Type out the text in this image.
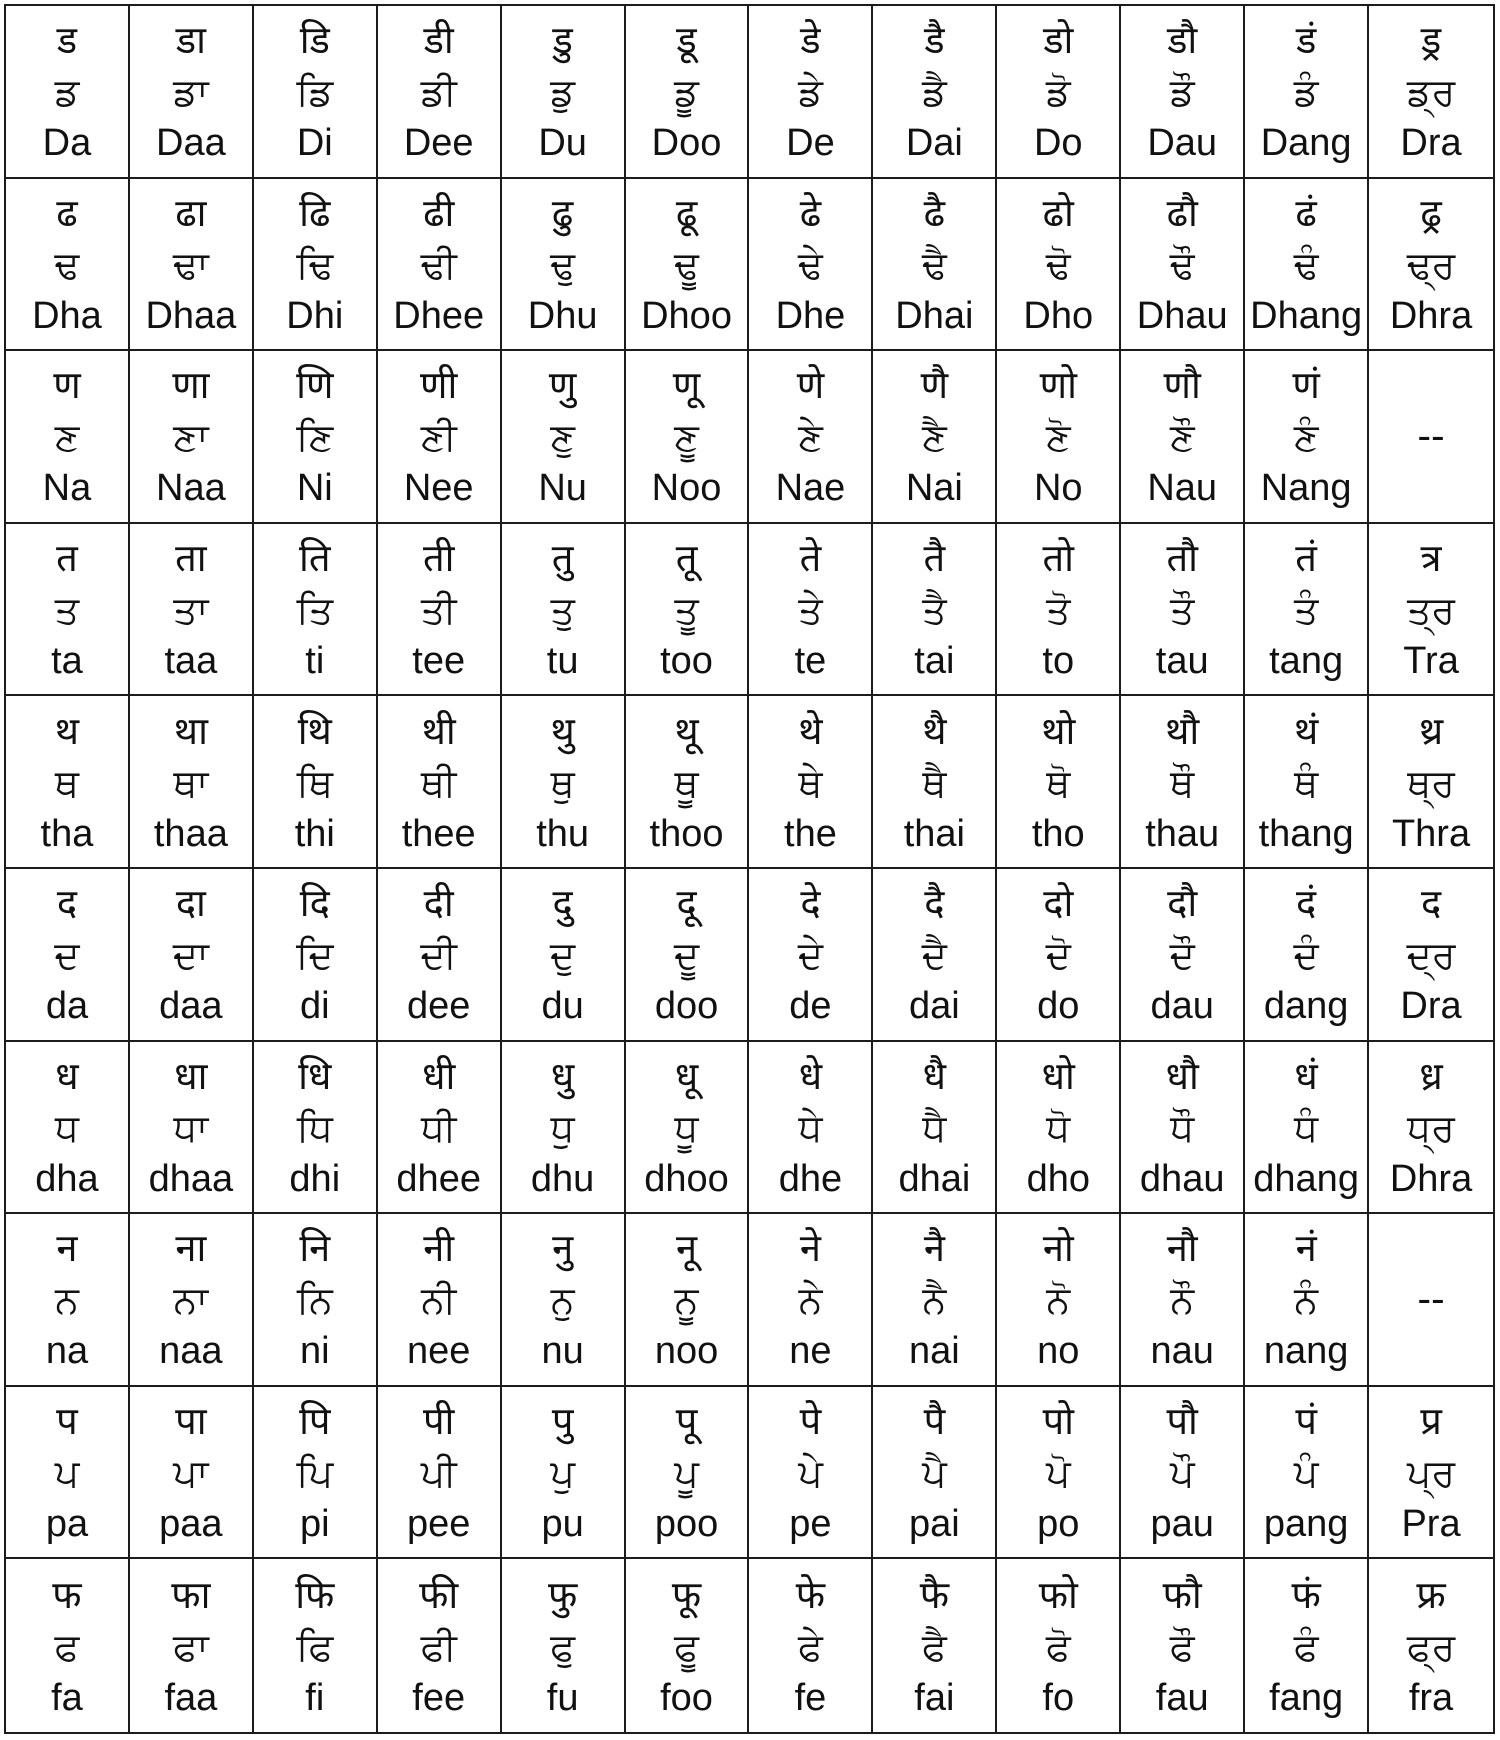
ड
ਡ
Da
डा
ਡਾ
Daa
डि
ਡਿ
Di
डी
ਡੀ
Dee
डु
ਡੁ
Du
डू
ਡੂ
Doo
डे
ਡੇ
De
डै
ਡੈ
Dai
डो
ਡੋ
Do
डौ
ਡੌ
Dau
डं
ਡੰ
Dang
ड्र
ਡ੍ਰ
Dra
ढ
ਢ
Dha
ढा
ਢਾ
Dhaa
ढि
ਢਿ
Dhi
ढी
ਢੀ
Dhee
ढु
ਢੁ
Dhu
ढू
ਢੂ
Dhoo
ढे
ਢੇ
Dhe
ढै
ਢੈ
Dhai
ढो
ਢੋ
Dho
ढौ
ਢੌ
Dhau
ढं
ਢੰ
Dhang
ढ्र
ਢ੍ਰ
Dhra
ण
ਣ
Na
णा
ਣਾ
Naa
णि
ਣਿ
Ni
णी
ਣੀ
Nee
णु
ਣੁ
Nu
णू
ਣੂ
Noo
णे
ਣੇ
Nae
णै
ਣੈ
Nai
णो
ਣੋ
No
णौ
ਣੌ
Nau
णं
ਣੰ
Nang
--
त
ਤ
ta
ता
ਤਾ
taa
ति
ਤਿ
ti
ती
ਤੀ
tee
तु
ਤੁ
tu
तू
ਤੂ
too
ते
ਤੇ
te
तै
ਤੈ
tai
तो
ਤੋ
to
तौ
ਤੌ
tau
तं
ਤੰ
tang
त्र
ਤ੍ਰ
Tra
थ
ਥ
tha
था
ਥਾ
thaa
थि
ਥਿ
thi
थी
ਥੀ
thee
थु
ਥੁ
thu
थू
ਥੂ
thoo
थे
ਥੇ
the
थै
ਥੈ
thai
थो
ਥੋ
tho
थौ
ਥੌ
thau
थं
ਥੰ
thang
थ्र
ਥ੍ਰ
Thra
द
ਦ
da
दा
ਦਾ
daa
दि
ਦਿ
di
दी
ਦੀ
dee
दु
ਦੁ
du
दू
ਦੂ
doo
दे
ਦੇ
de
दै
ਦੈ
dai
दो
ਦੋ
do
दौ
ਦੌ
dau
दं
ਦੰ
dang
द
ਦ੍ਰ
Dra
ध
ਧ
dha
धा
ਧਾ
dhaa
धि
ਧਿ
dhi
धी
ਧੀ
dhee
धु
ਧੁ
dhu
धू
ਧੂ
dhoo
धे
ਧੇ
dhe
धै
ਧੈ
dhai
धो
ਧੋ
dho
धौ
ਧੌ
dhau
धं
ਧੰ
dhang
ध्र
ਧ੍ਰ
Dhra
न
ਨ
na
ना
ਨਾ
naa
नि
ਨਿ
ni
नी
ਨੀ
nee
नु
ਨੁ
nu
नू
ਨੂ
noo
ने
ਨੇ
ne
नै
ਨੈ
nai
नो
ਨੋ
no
नौ
ਨੌ
nau
नं
ਨੰ
nang
--
प
ਪ
pa
पा
ਪਾ
paa
पि
ਪਿ
pi
पी
ਪੀ
pee
पु
ਪੁ
pu
पू
ਪੂ
poo
पे
ਪੇ
pe
पै
ਪੈ
pai
पो
ਪੋ
po
पौ
ਪੌ
pau
पं
ਪੰ
pang
प्र
ਪ੍ਰ
Pra
फ
ਫ
fa
फा
ਫਾ
faa
फि
ਫਿ
fi
फी
ਫੀ
fee
फु
ਫੁ
fu
फू
ਫੂ
foo
फे
ਫੇ
fe
फै
ਫੈ
fai
फो
ਫੋ
fo
फौ
ਫੌ
fau
फं
ਫੰ
fang
फ्र
ਫ੍ਰ
fra
